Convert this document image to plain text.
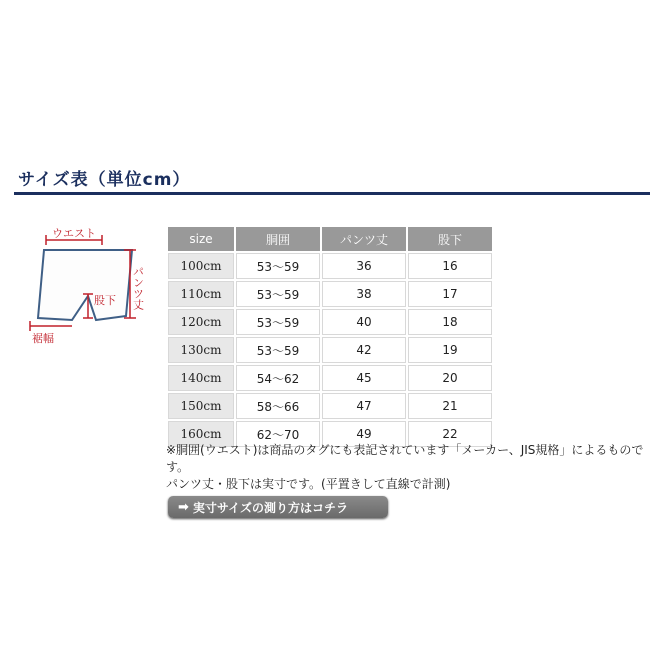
サイズ表（単位cm）
ウエスト
パンツ丈
股下
裾幅
size	胴囲	パンツ丈	股下
100cm	53〜59	36	16
110cm	53〜59	38	17
120cm	53〜59	40	18
130cm	53〜59	42	19
140cm	54〜62	45	20
150cm	58〜66	47	21
160cm	62〜70	49	22

※胴囲(ウエスト)は商品のタグにも表記されています「メーカー、JIS規格」によるものです。

パンツ丈・股下は実寸です。(平置きして直線で計測)

➡ 実寸サイズの測り方はコチラ
